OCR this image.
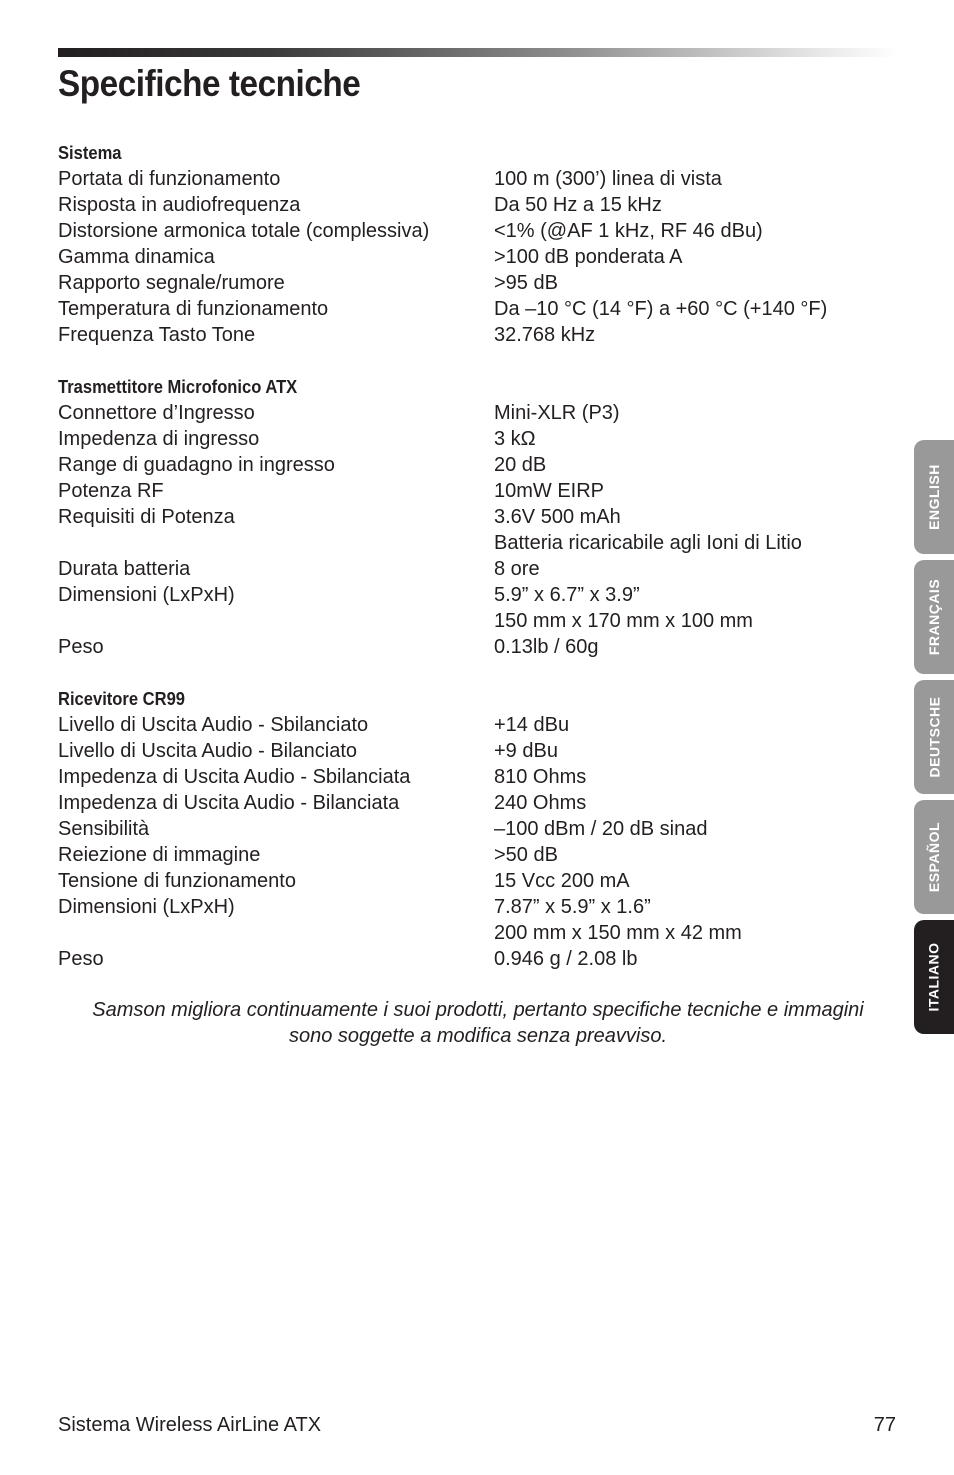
Specifiche tecniche
Sistema
Portata di funzionamento	100 m (300’) linea di vista
Risposta in audiofrequenza	Da 50 Hz a 15 kHz
Distorsione armonica totale (complessiva)	<1% (@AF 1 kHz, RF 46 dBu)
Gamma dinamica	>100 dB ponderata A
Rapporto segnale/rumore	>95 dB
Temperatura di funzionamento	Da –10 °C (14 °F) a +60 °C (+140 °F)
Frequenza Tasto Tone	32.768 kHz
Trasmettitore Microfonico ATX
Connettore d’Ingresso	Mini-XLR (P3)
Impedenza di ingresso	3 kΩ
Range di guadagno in ingresso	20 dB
Potenza RF	10mW EIRP
Requisiti di Potenza	3.6V 500 mAh
Batteria ricaricabile agli Ioni di Litio
Durata batteria	8 ore
Dimensioni (LxPxH)	5.9” x 6.7” x 3.9”
150 mm x 170 mm x 100 mm
Peso	0.13lb / 60g
Ricevitore CR99
Livello di Uscita Audio - Sbilanciato	+14 dBu
Livello di Uscita Audio - Bilanciato	+9 dBu
Impedenza di Uscita Audio - Sbilanciata	810 Ohms
Impedenza di Uscita Audio - Bilanciata	240 Ohms
Sensibilità	–100 dBm / 20 dB sinad
Reiezione di immagine	>50 dB
Tensione di funzionamento	15 Vcc 200 mA
Dimensioni (LxPxH)	7.87” x 5.9” x 1.6”
200 mm x 150 mm x 42 mm
Peso	0.946 g / 2.08 lb
Samson migliora continuamente i suoi prodotti, pertanto specifiche tecniche e immagini
sono soggette a modifica senza preavviso.
Sistema Wireless AirLine ATX	77
ENGLISH
FRANÇAIS
DEUTSCHE
ESPAÑOL
ITALIANO
